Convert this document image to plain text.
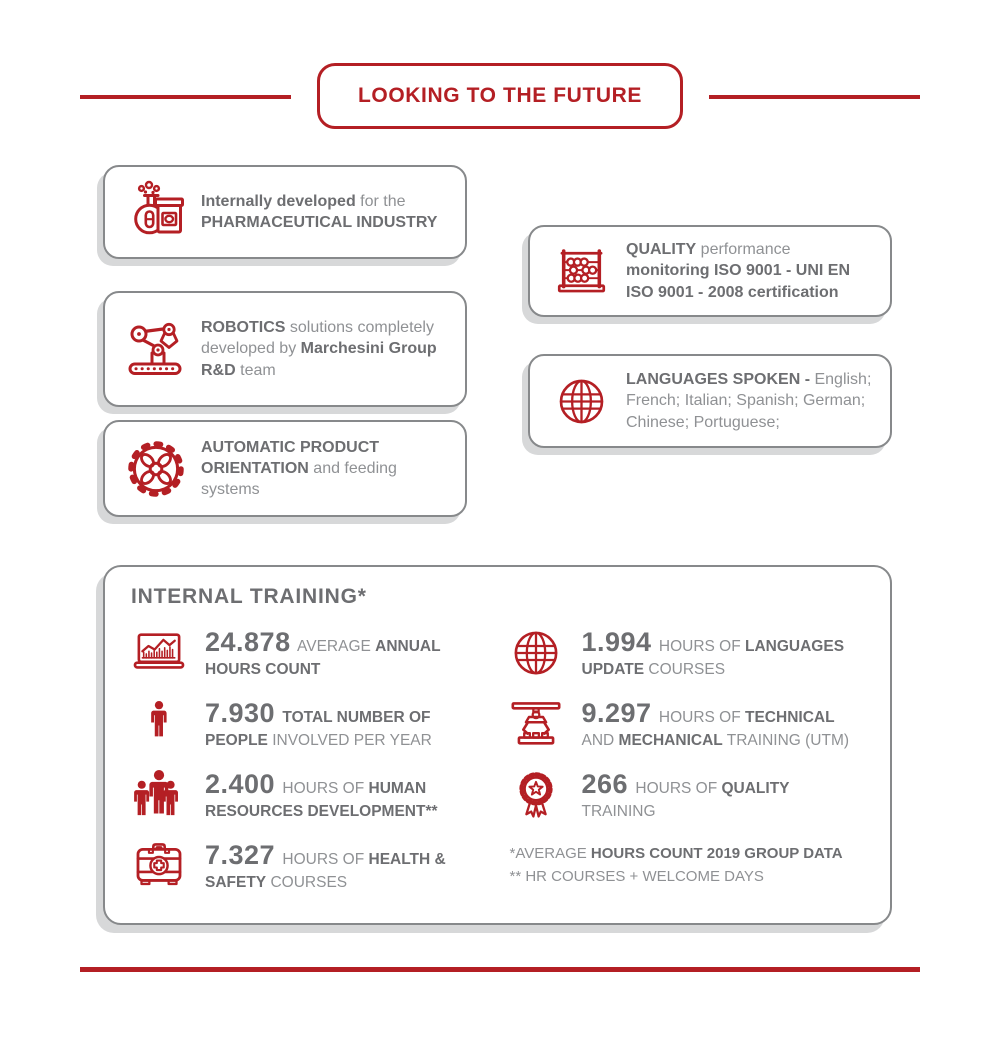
LOOKING TO THE FUTURE
Internally developed for the PHARMACEUTICAL INDUSTRY
ROBOTICS solutions completely developed by Marchesini Group R&D team
AUTOMATIC PRODUCT ORIENTATION and feeding systems
QUALITY performance monitoring ISO 9001 - UNI EN ISO 9001 - 2008 certification
LANGUAGES SPOKEN - English; French; Italian; Spanish; German; Chinese; Portuguese;
INTERNAL TRAINING*
24.878 AVERAGE ANNUAL HOURS COUNT
1.994 HOURS OF LANGUAGES UPDATE COURSES
7.930 TOTAL NUMBER OF PEOPLE INVOLVED PER YEAR
9.297 HOURS OF TECHNICAL AND MECHANICAL TRAINING (UTM)
2.400 HOURS OF HUMAN RESOURCES DEVELOPMENT**
266 HOURS OF QUALITY TRAINING
7.327 HOURS OF HEALTH & SAFETY COURSES
*AVERAGE HOURS COUNT 2019 GROUP DATA
** HR COURSES + WELCOME DAYS
